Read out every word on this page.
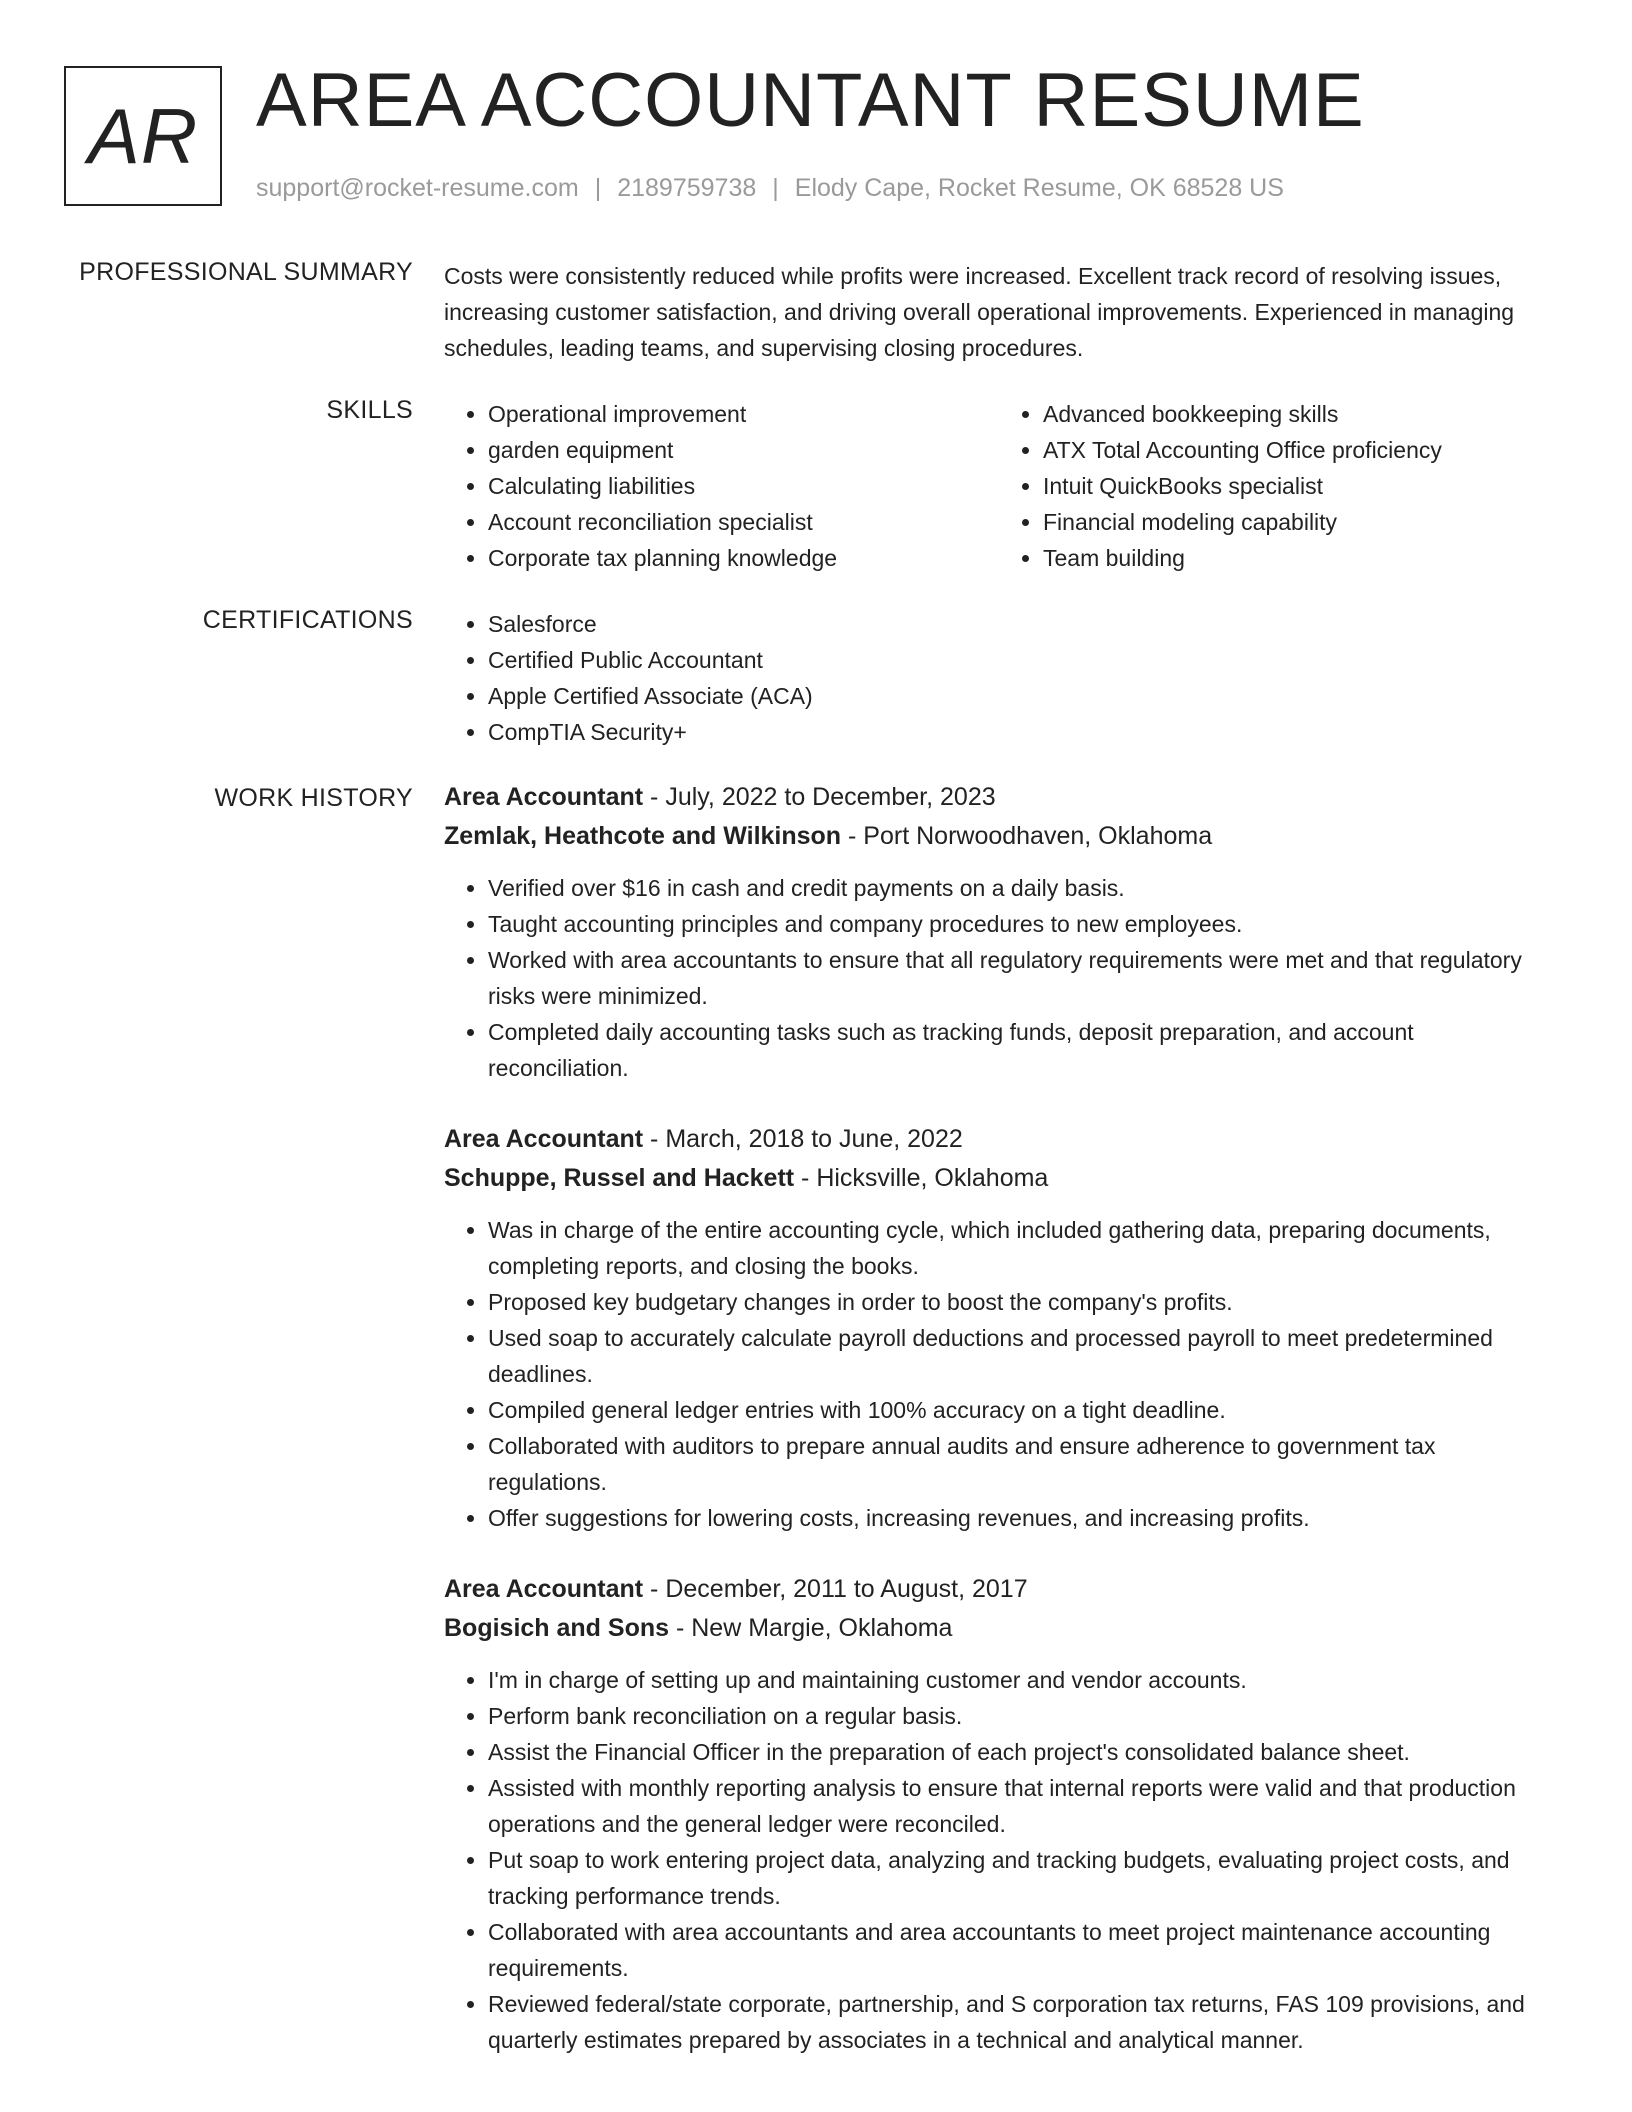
AR AREA ACCOUNTANT RESUME
support@rocket-resume.com | 2189759738 | Elody Cape, Rocket Resume, OK 68528 US
PROFESSIONAL SUMMARY Costs were consistently reduced while profits were increased. Excellent track record of resolving issues, increasing customer satisfaction, and driving overall operational improvements. Experienced in managing schedules, leading teams, and supervising closing procedures.

SKILLS	• Operational improvement
• garden equipment
• Calculating liabilities
• Account reconciliation specialist
• Corporate tax planning knowledge
• Advanced bookkeeping skills
• ATX Total Accounting Office proficiency
• Intuit QuickBooks specialist
• Financial modeling capability
• Team building
CERTIFICATIONS	• Salesforce
• Certified Public Accountant
• Apple Certified Associate (ACA)
• CompTIA Security+
WORK HISTORY Area Accountant - July, 2022 to December, 2023
Zemlak, Heathcote and Wilkinson - Port Norwoodhaven, Oklahoma
• Verified over $16 in cash and credit payments on a daily basis.
• Taught accounting principles and company procedures to new employees.
• Worked with area accountants to ensure that all regulatory requirements were met and that regulatory risks were minimized.
• Completed daily accounting tasks such as tracking funds, deposit preparation, and account reconciliation.
Area Accountant - March, 2018 to June, 2022
Schuppe, Russel and Hackett - Hicksville, Oklahoma
• Was in charge of the entire accounting cycle, which included gathering data, preparing documents, completing reports, and closing the books.
• Proposed key budgetary changes in order to boost the company's profits.
• Used soap to accurately calculate payroll deductions and processed payroll to meet predetermined deadlines.
• Compiled general ledger entries with 100% accuracy on a tight deadline.
• Collaborated with auditors to prepare annual audits and ensure adherence to government tax regulations.
• Offer suggestions for lowering costs, increasing revenues, and increasing profits.
Area Accountant - December, 2011 to August, 2017
Bogisich and Sons - New Margie, Oklahoma
• I'm in charge of setting up and maintaining customer and vendor accounts.
• Perform bank reconciliation on a regular basis.
• Assist the Financial Officer in the preparation of each project's consolidated balance sheet.
• Assisted with monthly reporting analysis to ensure that internal reports were valid and that production operations and the general ledger were reconciled.
• Put soap to work entering project data, analyzing and tracking budgets, evaluating project costs, and tracking performance trends.
• Collaborated with area accountants and area accountants to meet project maintenance accounting requirements.
• Reviewed federal/state corporate, partnership, and S corporation tax returns, FAS 109 provisions, and quarterly estimates prepared by associates in a technical and analytical manner.
